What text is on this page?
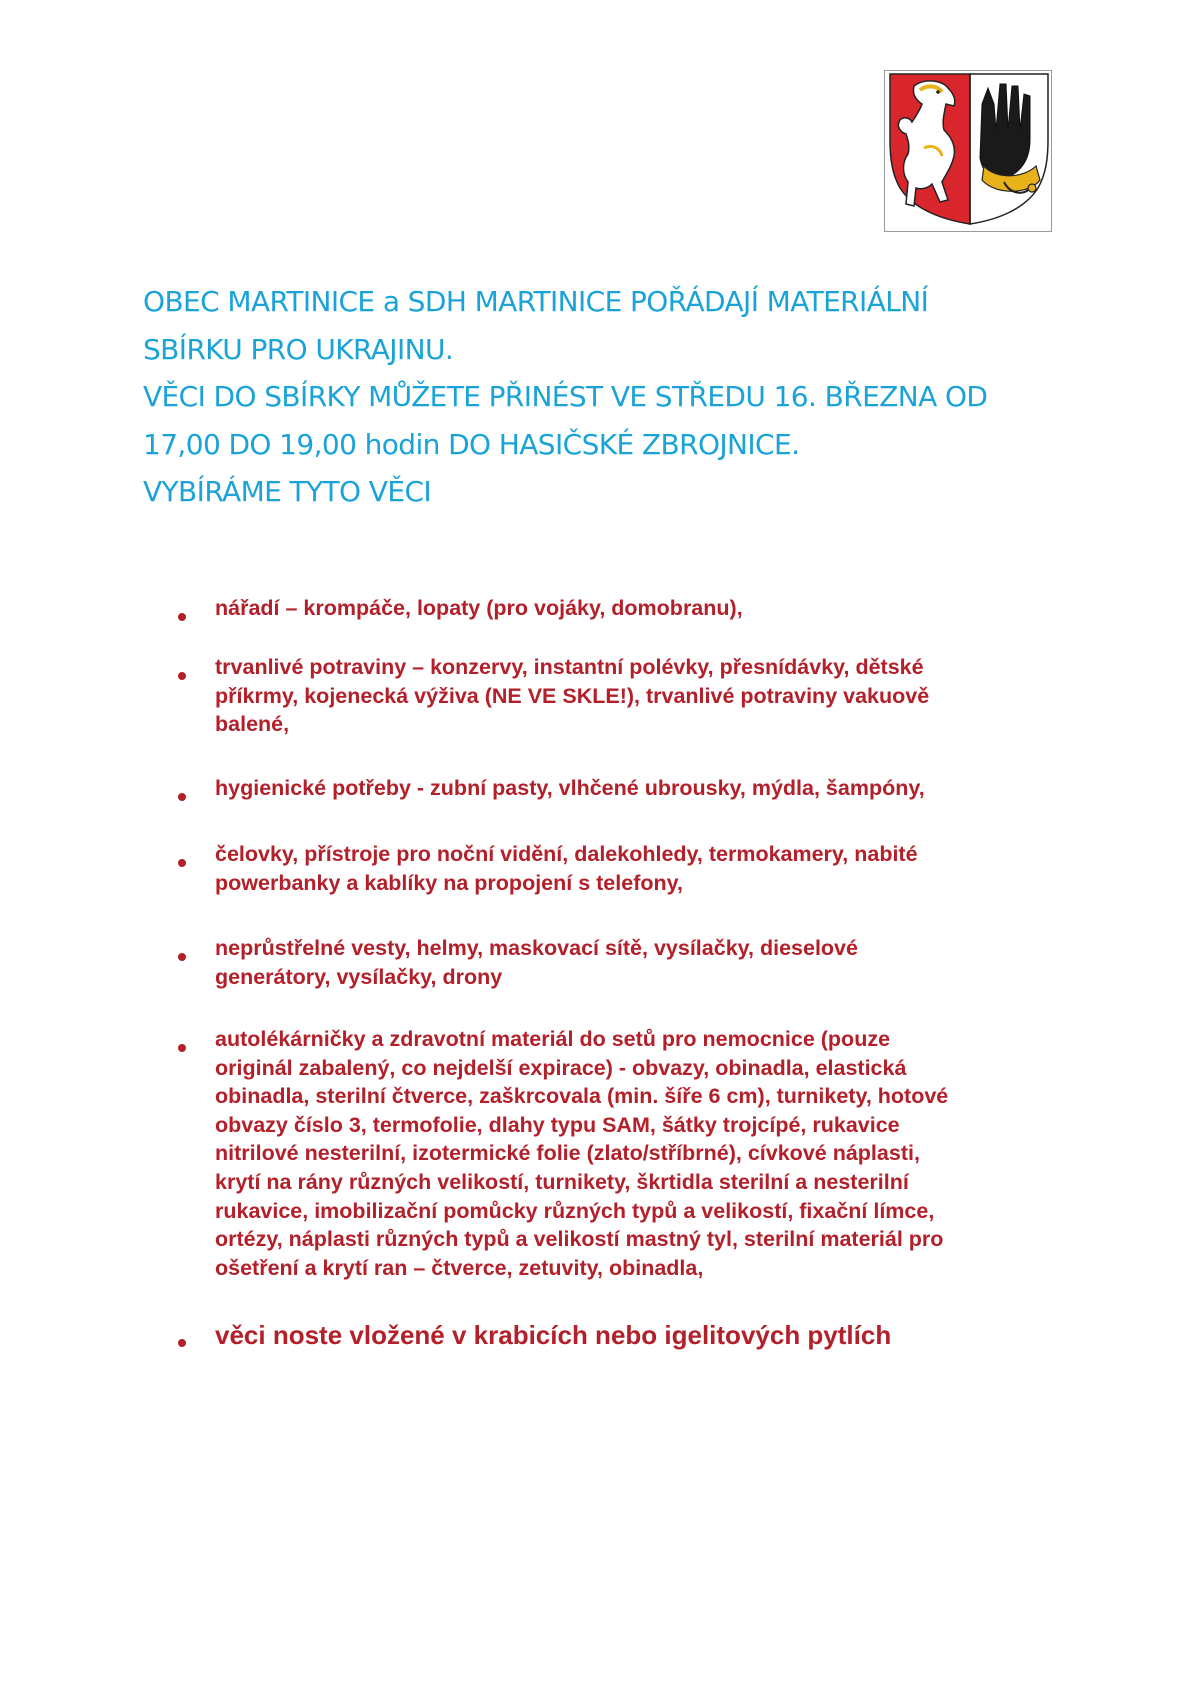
OBEC MARTINICE a SDH MARTINICE POŘÁDAJÍ MATERIÁLNÍ
SBÍRKU PRO UKRAJINU.
VĚCI DO SBÍRKY MŮŽETE PŘINÉST VE STŘEDU 16. BŘEZNA OD
17,00 DO 19,00 hodin DO HASIČSKÉ ZBROJNICE.
VYBÍRÁME TYTO VĚCI
nářadí – krompáče, lopaty (pro vojáky, domobranu),
trvanlivé potraviny – konzervy, instantní polévky, přesnídávky, dětské
příkrmy, kojenecká výživa (NE VE SKLE!), trvanlivé potraviny vakuově
balené,
hygienické potřeby - zubní pasty, vlhčené ubrousky, mýdla, šampóny,
čelovky, přístroje pro noční vidění, dalekohledy, termokamery, nabité
powerbanky a kablíky na propojení s telefony,
neprůstřelné vesty, helmy, maskovací sítě, vysílačky, dieselové
generátory, vysílačky, drony
autolékárničky a zdravotní materiál do setů pro nemocnice (pouze
originál zabalený, co nejdelší expirace) - obvazy, obinadla, elastická
obinadla, sterilní čtverce, zaškrcovala (min. šíře 6 cm), turnikety, hotové
obvazy číslo 3, termofolie, dlahy typu SAM, šátky trojcípé, rukavice
nitrilové nesterilní, izotermické folie (zlato/stříbrné), cívkové náplasti,
krytí na rány různých velikostí, turnikety, škrtidla sterilní a nesterilní
rukavice, imobilizační pomůcky různých typů a velikostí, fixační límce,
ortézy, náplasti různých typů a velikostí mastný tyl, sterilní materiál pro
ošetření a krytí ran – čtverce, zetuvity, obinadla,
věci noste vložené v krabicích nebo igelitových pytlích
